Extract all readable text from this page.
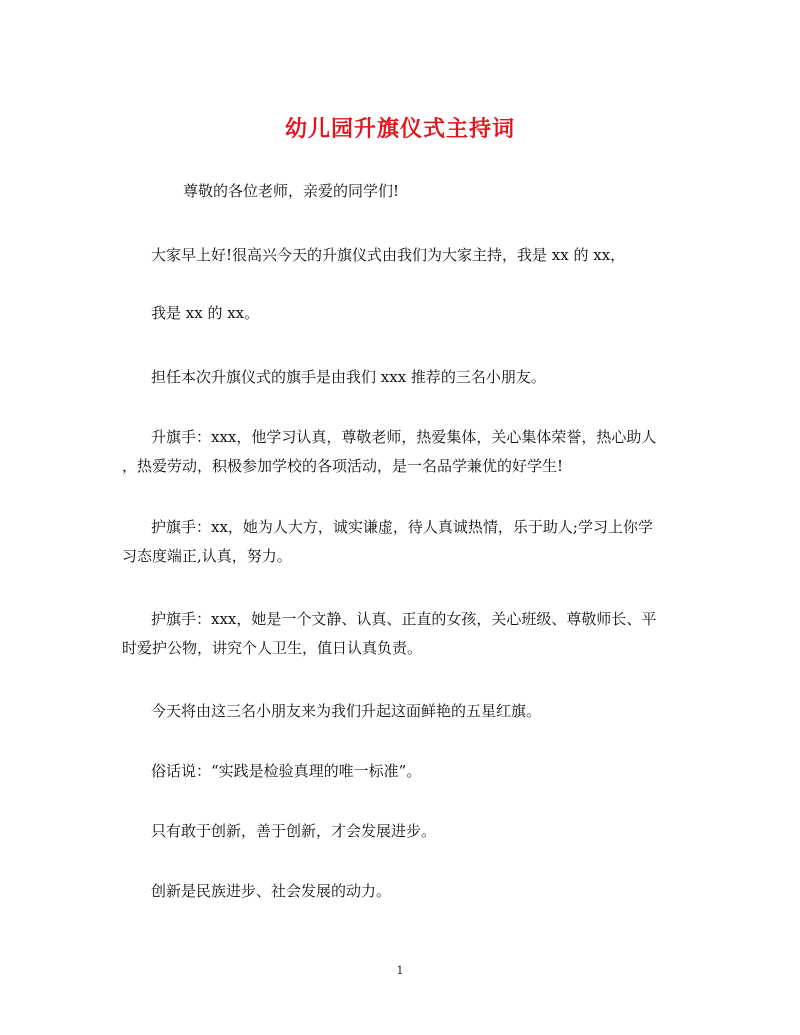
幼儿园升旗仪式主持词

尊敬的各位老师，亲爱的同学们!

大家早上好!很高兴今天的升旗仪式由我们为大家主持，我是 xx 的 xx，

我是 xx 的 xx。

担任本次升旗仪式的旗手是由我们 xxx 推荐的三名小朋友。

升旗手：xxx，他学习认真，尊敬老师，热爱集体，关心集体荣誉，热心助人
，热爱劳动，积极参加学校的各项活动，是一名品学兼优的好学生!

护旗手：xx，她为人大方，诚实谦虚，待人真诚热情，乐于助人;学习上你学
习态度端正,认真，努力。

护旗手：xxx，她是一个文静、认真、正直的女孩，关心班级、尊敬师长、平
时爱护公物，讲究个人卫生，值日认真负责。

今天将由这三名小朋友来为我们升起这面鲜艳的五星红旗。

俗话说：“实践是检验真理的唯一标准”。

只有敢于创新，善于创新，才会发展进步。

创新是民族进步、社会发展的动力。

1
